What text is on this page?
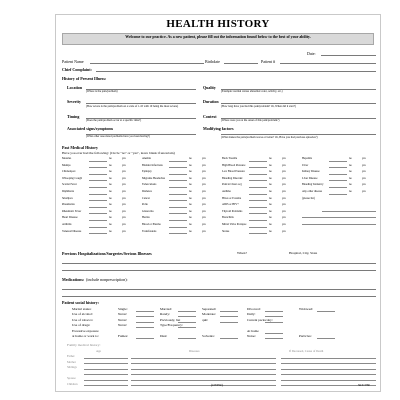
HEALTH HISTORY
Welcome to our practice. As a new patient, please fill out the information found below to the best of your ability.
Date:
Patient Name	Birthdate	Patient #
Chief Complaint:
History of Present Illness:
Location
(Where is the pain/problem)
Quality
(Example: normal versus abnormal color, activity, etc.)
Severity
(How severe is the pain/problem on a scale of 1-10 with 10 being the most severe)
Duration
(How long have you had this pain/problem? Or, When did it start?)
Timing
(Does the pain/problem occur at a specific time?)
Context
(Where were you at the onset of this pain/problem?)
Associated signs/symptoms
(What other associated problems have you been having?)
Modifying factors
(What makes the pain/problem worse or better? Or, Have you had previous episodes?)
Past Medical History
Have you ever had the following: (Circle "no" or "yes", leave blank if uncertain)
Measles	no	yes	Anemia	no	yes	Back Trouble	no	yes	Hepatitis	no	yes
Mumps	no	yes	Bladder Infections	no	yes	High Blood Pressure	no	yes	Ulcer	no	yes
Chickenpox	no	yes	Epilepsy	no	yes	Low Blood Pressure	no	yes	Kidney Disease	no	yes
Whooping Cough	no	yes	Migraine Headaches	no	yes	Bleeding Disorder	no	yes	Liver Disease	no	yes
Scarlet Fever	no	yes	Tuberculosis	no	yes	Pain in Chest a.rg	no	yes	Bleeding Tendency	no	yes
Diphtheria	no	yes	Diabetes	no	yes	Asthma	no	yes	Any other disease	no	yes
Smallpox	no	yes	Cancer	no	yes	Hives or Eczema	no	yes	(please list)
Pneumonia	no	yes	Polio	no	yes	AIDS or HIV+	no	yes
Rheumatic Fever	no	yes	Glaucoma	no	yes	Thyroid Problems	no	yes
Heart Disease	no	yes	Hernia	no	yes	Bronchitis	no	yes
Arthritis	no	yes	Blood or Plasma	no	yes	Mitral Valve Prolapse	no	yes
Venereal Disease	no	yes	Transfusions	no	yes	Stroke	no	yes
Previous Hospitalizations/Surgeries/Serious Illnesses	When?	Hospital, City, State
Medications: (include nonprescription):
Patient social history:
Marital status:	Single:	Married:	Separated:	Divorced:	Widowed:
Use of alcohol:	Never:	Rarely:	Moderate:	Daily:
Use of tobacco:	Never:	Previously, but	quit:	Current packs/day:
Use of drugs:	Never:	Type/Frequency:
Excessive exposure	At home
at home or work to:	Fumes:	Dust:	Solvents:	Noise:	Particles:
Family medical history:
Age	Diseases	If Deceased, Cause of Death
Father
Mother
Siblings
Spouse
Children	(OVER)	SKY-3780
